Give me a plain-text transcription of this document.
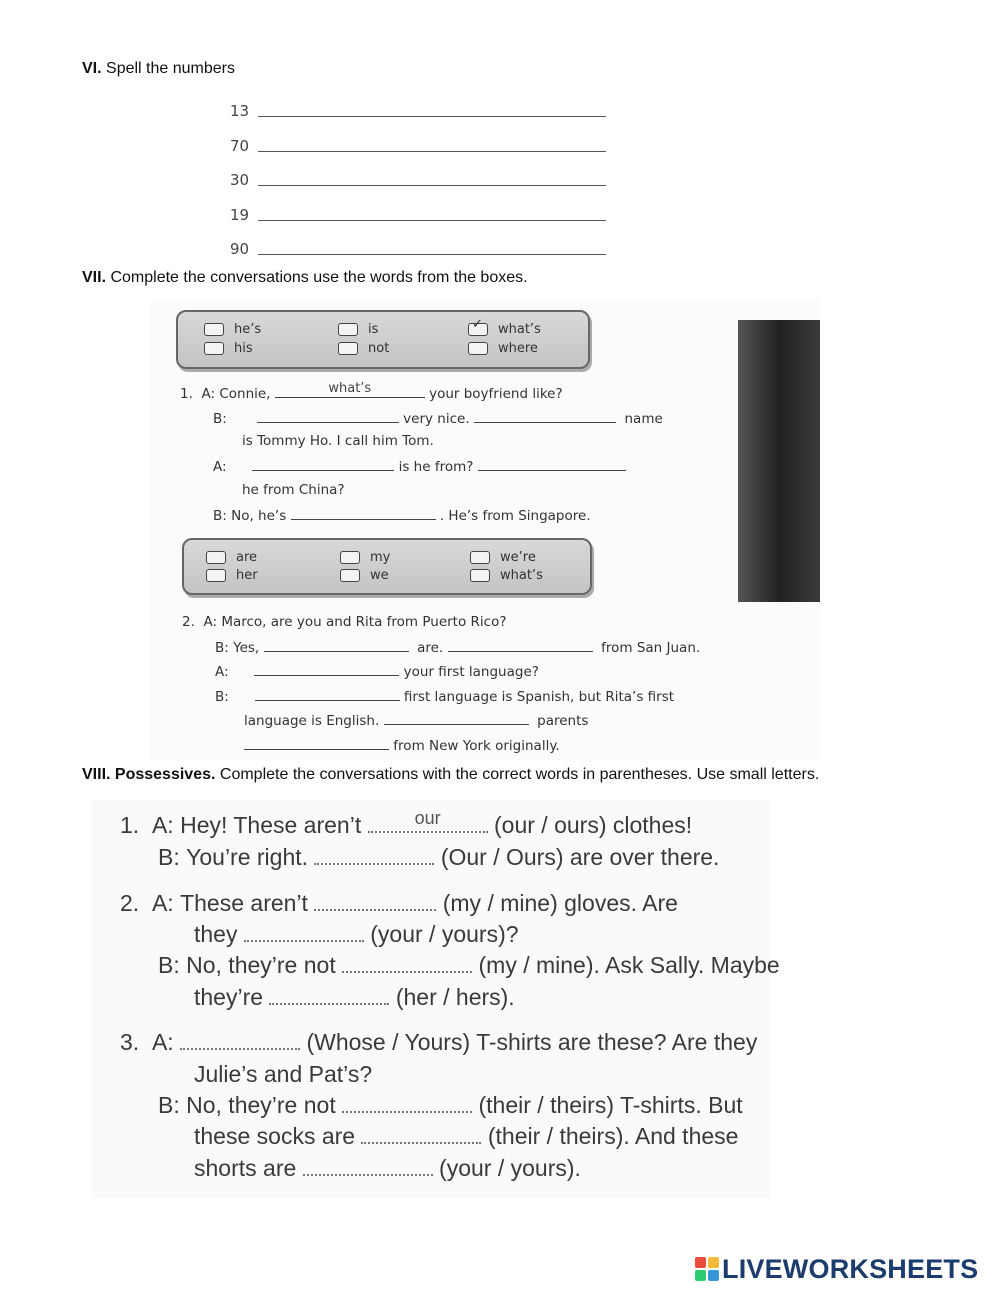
VI. Spell the numbers
13
70
30
19
90
VII. Complete the conversations use the words from the boxes.
he’s	is	✓ what’s
his	not	where
1. A: Connie,	what’s	your boyfriend like?
B:	very nice.	name
is Tommy Ho. I call him Tom.
A:	is he from?
he from China?
B: No, he’s	. He’s from Singapore.
are	my	we’re
her	we	what’s
2. A: Marco, are you and Rita from Puerto Rico?
B: Yes,	are.	from San Juan.
A:	your first language?
B:	first language is Spanish, but Rita’s first
language is English.	parents
from New York originally.
VIII. Possessives. Complete the conversations with the correct words in parentheses. Use small letters.
1. A: Hey! These aren’t	our	(our / ours) clothes!
B: You’re right.	(Our / Ours) are over there.
2. A: These aren’t	(my / mine) gloves. Are
they	(your / yours)?
B: No, they’re not	(my / mine). Ask Sally. Maybe
they’re	(her / hers).
3. A:	(Whose / Yours) T-shirts are these? Are they
Julie’s and Pat’s?
B: No, they’re not	(their / theirs) T-shirts. But
these socks are	(their / theirs). And these
shorts are	(your / yours).
LIVEWORKSHEETS
